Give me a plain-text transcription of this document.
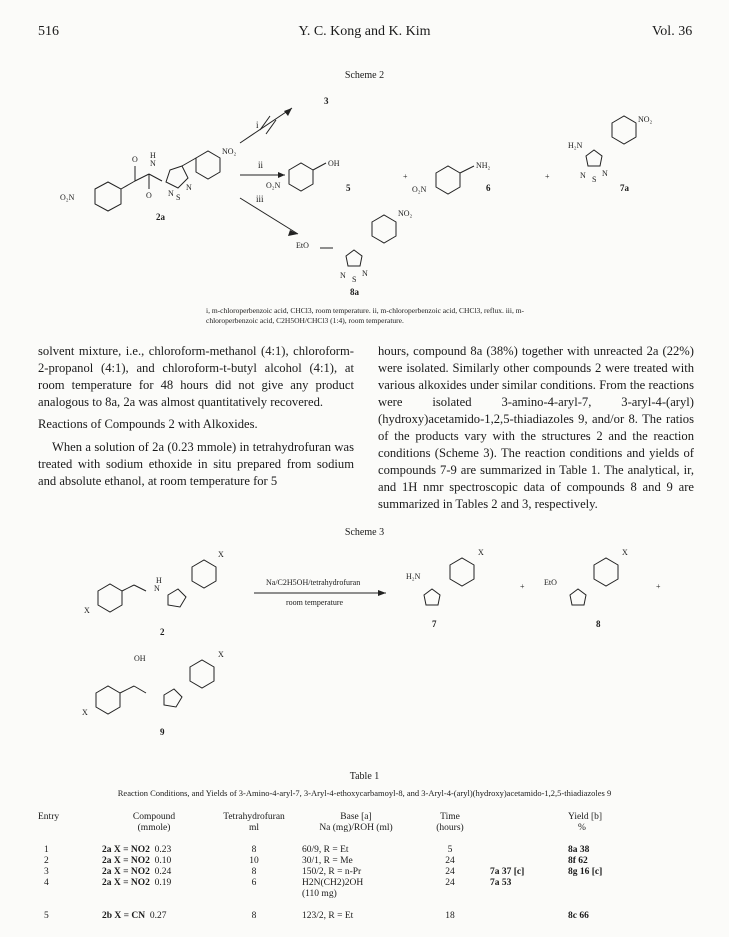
516	Y. C. Kong and K. Kim	Vol. 36
Scheme 2
O₂N
O
O
H
N
N S
N
NO₂
O₂N
OH
O₂N
NH₂
H₂N
NO₂
N S
N
EtO
NO₂
N S
N
+	+
3
i
ii
iii
2a
5	6	7a
8a
i, m-chloroperbenzoic acid, CHCl3, room temperature. ii, m-chloroperbenzoic acid, CHCl3, reflux. iii, m-chloroperbenzoic acid, C2H5OH/CHCl3 (1:4), room temperature.

solvent mixture, i.e., chloroform-methanol (4:1), chloroform-2-propanol (4:1), and chloroform-t-butyl alcohol (4:1), at room temperature for 48 hours did not give any product analogous to 8a, 2a was almost quantitatively recovered.

Reactions of Compounds 2 with Alkoxides.

When a solution of 2a (0.23 mmole) in tetrahydrofuran was treated with sodium ethoxide in situ prepared from sodium and absolute ethanol, at room temperature for 5

hours, compound 8a (38%) together with unreacted 2a (22%) were isolated. Similarly other compounds 2 were treated with various alkoxides under similar conditions. From the reactions were isolated 3-amino-4-aryl-7, 3-aryl-4-(aryl)(hydroxy)acetamido-1,2,5-thiadiazoles 9, and/or 8. The ratios of the products vary with the structures 2 and the reaction conditions (Scheme 3). The reaction conditions and yields of compounds 7-9 are summarized in Table 1. The analytical, ir, and 1H nmr spectroscopic data of compounds 8 and 9 are summarized in Tables 2 and 3, respectively.

Scheme 3
X
X
H
N
H₂N
X
EtO
X
+
+
OH
X
X
Na/C2H5OH/tetrahydrofuran
room temperature
2
7	8
9
Table 1
Reaction Conditions, and Yields of 3-Amino-4-aryl-7, 3-Aryl-4-ethoxycarbamoyl-8, and 3-Aryl-4-(aryl)(hydroxy)acetamido-1,2,5-thiadiazoles 9
Entry	Compound	Tetrahydrofuran	Base [a]	Time		Yield [b]
	(mmole)	ml	Na (mg)/ROH (ml)	(hours)		%

1	2a X = NO2 0.23	8	60/9, R = Et	5		8a 38
2	2a X = NO2 0.10	10	30/1, R = Me	24		8f 62
3	2a X = NO2 0.24	8	150/2, R = n-Pr	24	7a 37 [c]	8g 16 [c]
4	2a X = NO2 0.19	6	H2N(CH2)2OH	24	7a 53	
			(110 mg)			

5	2b X = CN 0.27	8	123/2, R = Et	18		8c 66
